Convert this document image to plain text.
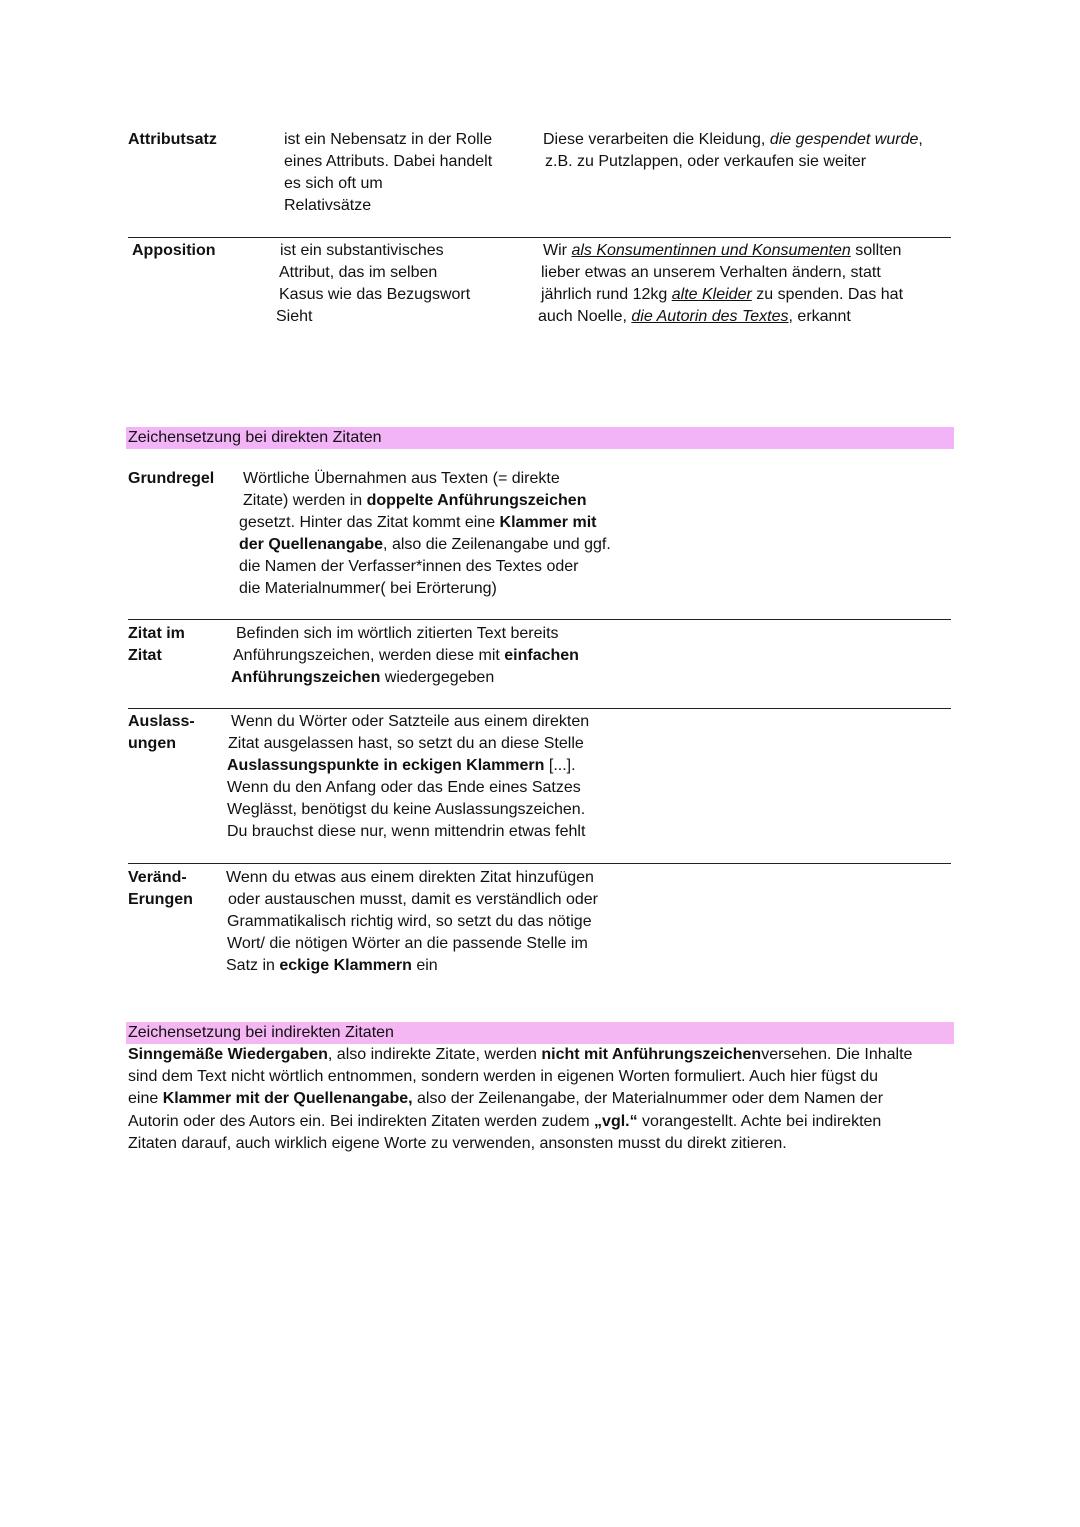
Attributsatz	ist ein Nebensatz in der Rolle
eines Attributs. Dabei handelt
es sich oft um
Relativsätze
Diese verarbeiten die Kleidung, die gespendet wurde,
z.B. zu Putzlappen, oder verkaufen sie weiter
Apposition	ist ein substantivisches
Attribut, das im selben
Kasus wie das Bezugswort
Sieht
Wir als Konsumentinnen und Konsumenten sollten
lieber etwas an unserem Verhalten ändern, statt
jährlich rund 12kg alte Kleider zu spenden. Das hat
auch Noelle, die Autorin des Textes, erkannt
Zeichensetzung bei direkten Zitaten
Grundregel Wörtliche Übernahmen aus Texten (= direkte
Zitate) werden in doppelte Anführungszeichen
gesetzt. Hinter das Zitat kommt eine Klammer mit
der Quellenangabe, also die Zeilenangabe und ggf.
die Namen der Verfasser*innen des Textes oder
die Materialnummer( bei Erörterung)
Zitat im
Zitat
Befinden sich im wörtlich zitierten Text bereits
Anführungszeichen, werden diese mit einfachen
Anführungszeichen wiedergegeben
Auslass-
ungen
Wenn du Wörter oder Satzteile aus einem direkten
Zitat ausgelassen hast, so setzt du an diese Stelle
Auslassungspunkte in eckigen Klammern [...].
Wenn du den Anfang oder das Ende eines Satzes
Weglässt, benötigst du keine Auslassungszeichen.
Du brauchst diese nur, wenn mittendrin etwas fehlt
Veränd-
Erungen
Wenn du etwas aus einem direkten Zitat hinzufügen
oder austauschen musst, damit es verständlich oder
Grammatikalisch richtig wird, so setzt du das nötige
Wort/ die nötigen Wörter an die passende Stelle im
Satz in eckige Klammern ein
Zeichensetzung bei indirekten Zitaten
Sinngemäße Wiedergaben, also indirekte Zitate, werden nicht mit Anführungszeichenversehen. Die Inhalte
sind dem Text nicht wörtlich entnommen, sondern werden in eigenen Worten formuliert. Auch hier fügst du
eine Klammer mit der Quellenangabe, also der Zeilenangabe, der Materialnummer oder dem Namen der
Autorin oder des Autors ein. Bei indirekten Zitaten werden zudem „vgl.“ vorangestellt. Achte bei indirekten
Zitaten darauf, auch wirklich eigene Worte zu verwenden, ansonsten musst du direkt zitieren.
